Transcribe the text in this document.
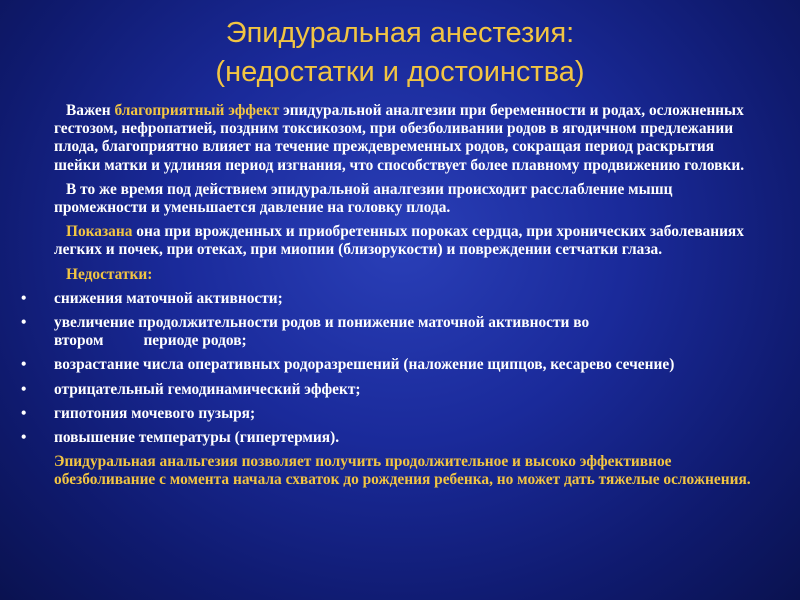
Эпидуральная анестезия:
(недостатки и достоинства)

Важен благоприятный эффект эпидуральной аналгезии при беременности и родах, осложненных гестозом, нефропатией, поздним токсикозом, при обезболивании родов в ягодичном предлежании плода, благоприятно влияет на течение преждевременных родов, сокращая период раскрытия шейки матки и удлиняя период изгнания, что способствует более плавному продвижению головки.

В то же время под действием эпидуральной аналгезии происходит расслабление мышц промежности и уменьшается давление на головку плода.

Показана она при врожденных и приобретенных пороках сердца, при хронических заболеваниях легких и почек, при отеках, при миопии (близорукости) и повреждении сетчатки глаза.

Недостатки:

• снижения маточной активности;
• увеличение продолжительности родов и понижение маточной активности во
втором	периоде родов;
• возрастание числа оперативных родоразрешений (наложение щипцов, кесарево сечение)
• отрицательный гемодинамический эффект;
• гипотония мочевого пузыря;
• повышение температуры (гипертермия).

Эпидуральная анальгезия позволяет получить продолжительное и высоко эффективное обезболивание с момента начала схваток до рождения ребенка, но может дать тяжелые осложнения.
